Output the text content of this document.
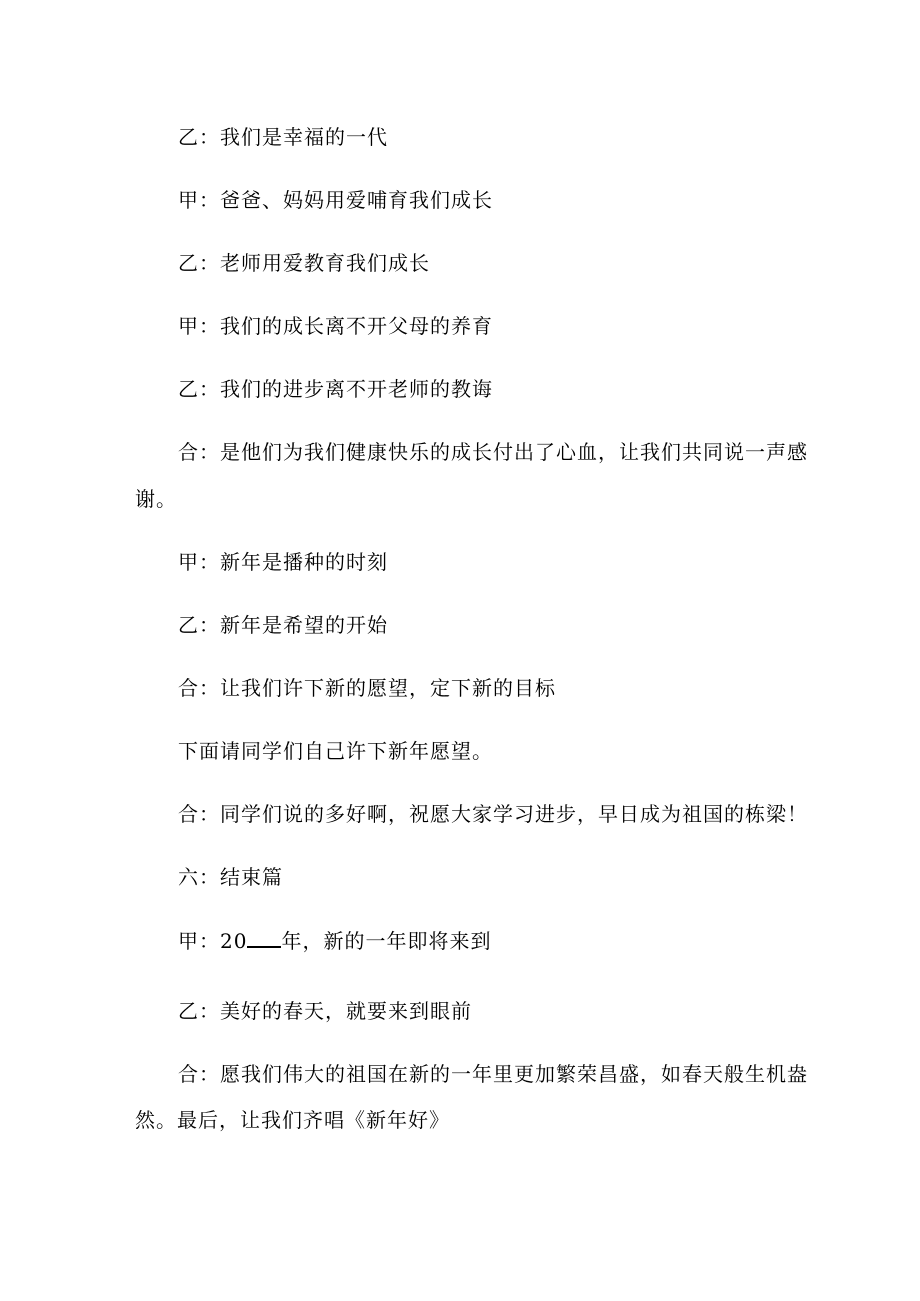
乙：我们是幸福的一代
甲：爸爸、妈妈用爱哺育我们成长
乙：老师用爱教育我们成长
甲：我们的成长离不开父母的养育
乙：我们的进步离不开老师的教诲
合：是他们为我们健康快乐的成长付出了心血，让我们共同说一声感
谢。
甲：新年是播种的时刻
乙：新年是希望的开始
合：让我们许下新的愿望，定下新的目标
下面请同学们自己许下新年愿望。
合：同学们说的多好啊，祝愿大家学习进步，早日成为祖国的栋梁！
六：结束篇
甲：20 年，新的一年即将来到
乙：美好的春天，就要来到眼前
合：愿我们伟大的祖国在新的一年里更加繁荣昌盛，如春天般生机盎
然。最后，让我们齐唱《新年好》
